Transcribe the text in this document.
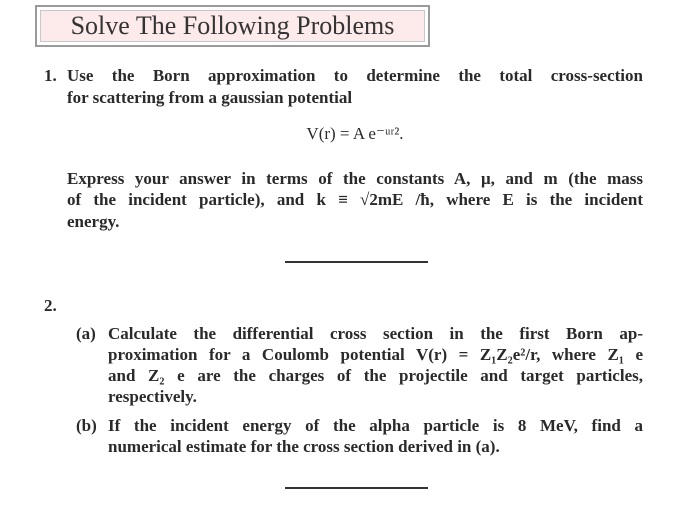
Solve The Following Problems
1. Use the Born approximation to determine the total cross-section
for scattering from a gaussian potential
V(r) = A e⁻ᵘʳ².
Express your answer in terms of the constants A, μ, and m (the mass
of the incident particle), and k ≡ √2mE /ħ, where E is the incident
energy.
2.
(a) Calculate the differential cross section in the first Born ap-
proximation for a Coulomb potential V(r) = Z₁Z₂e²/r, where Z₁ e
and Z₂ e are the charges of the projectile and target particles,
respectively.
(b) If the incident energy of the alpha particle is 8 MeV, find a
numerical estimate for the cross section derived in (a).
